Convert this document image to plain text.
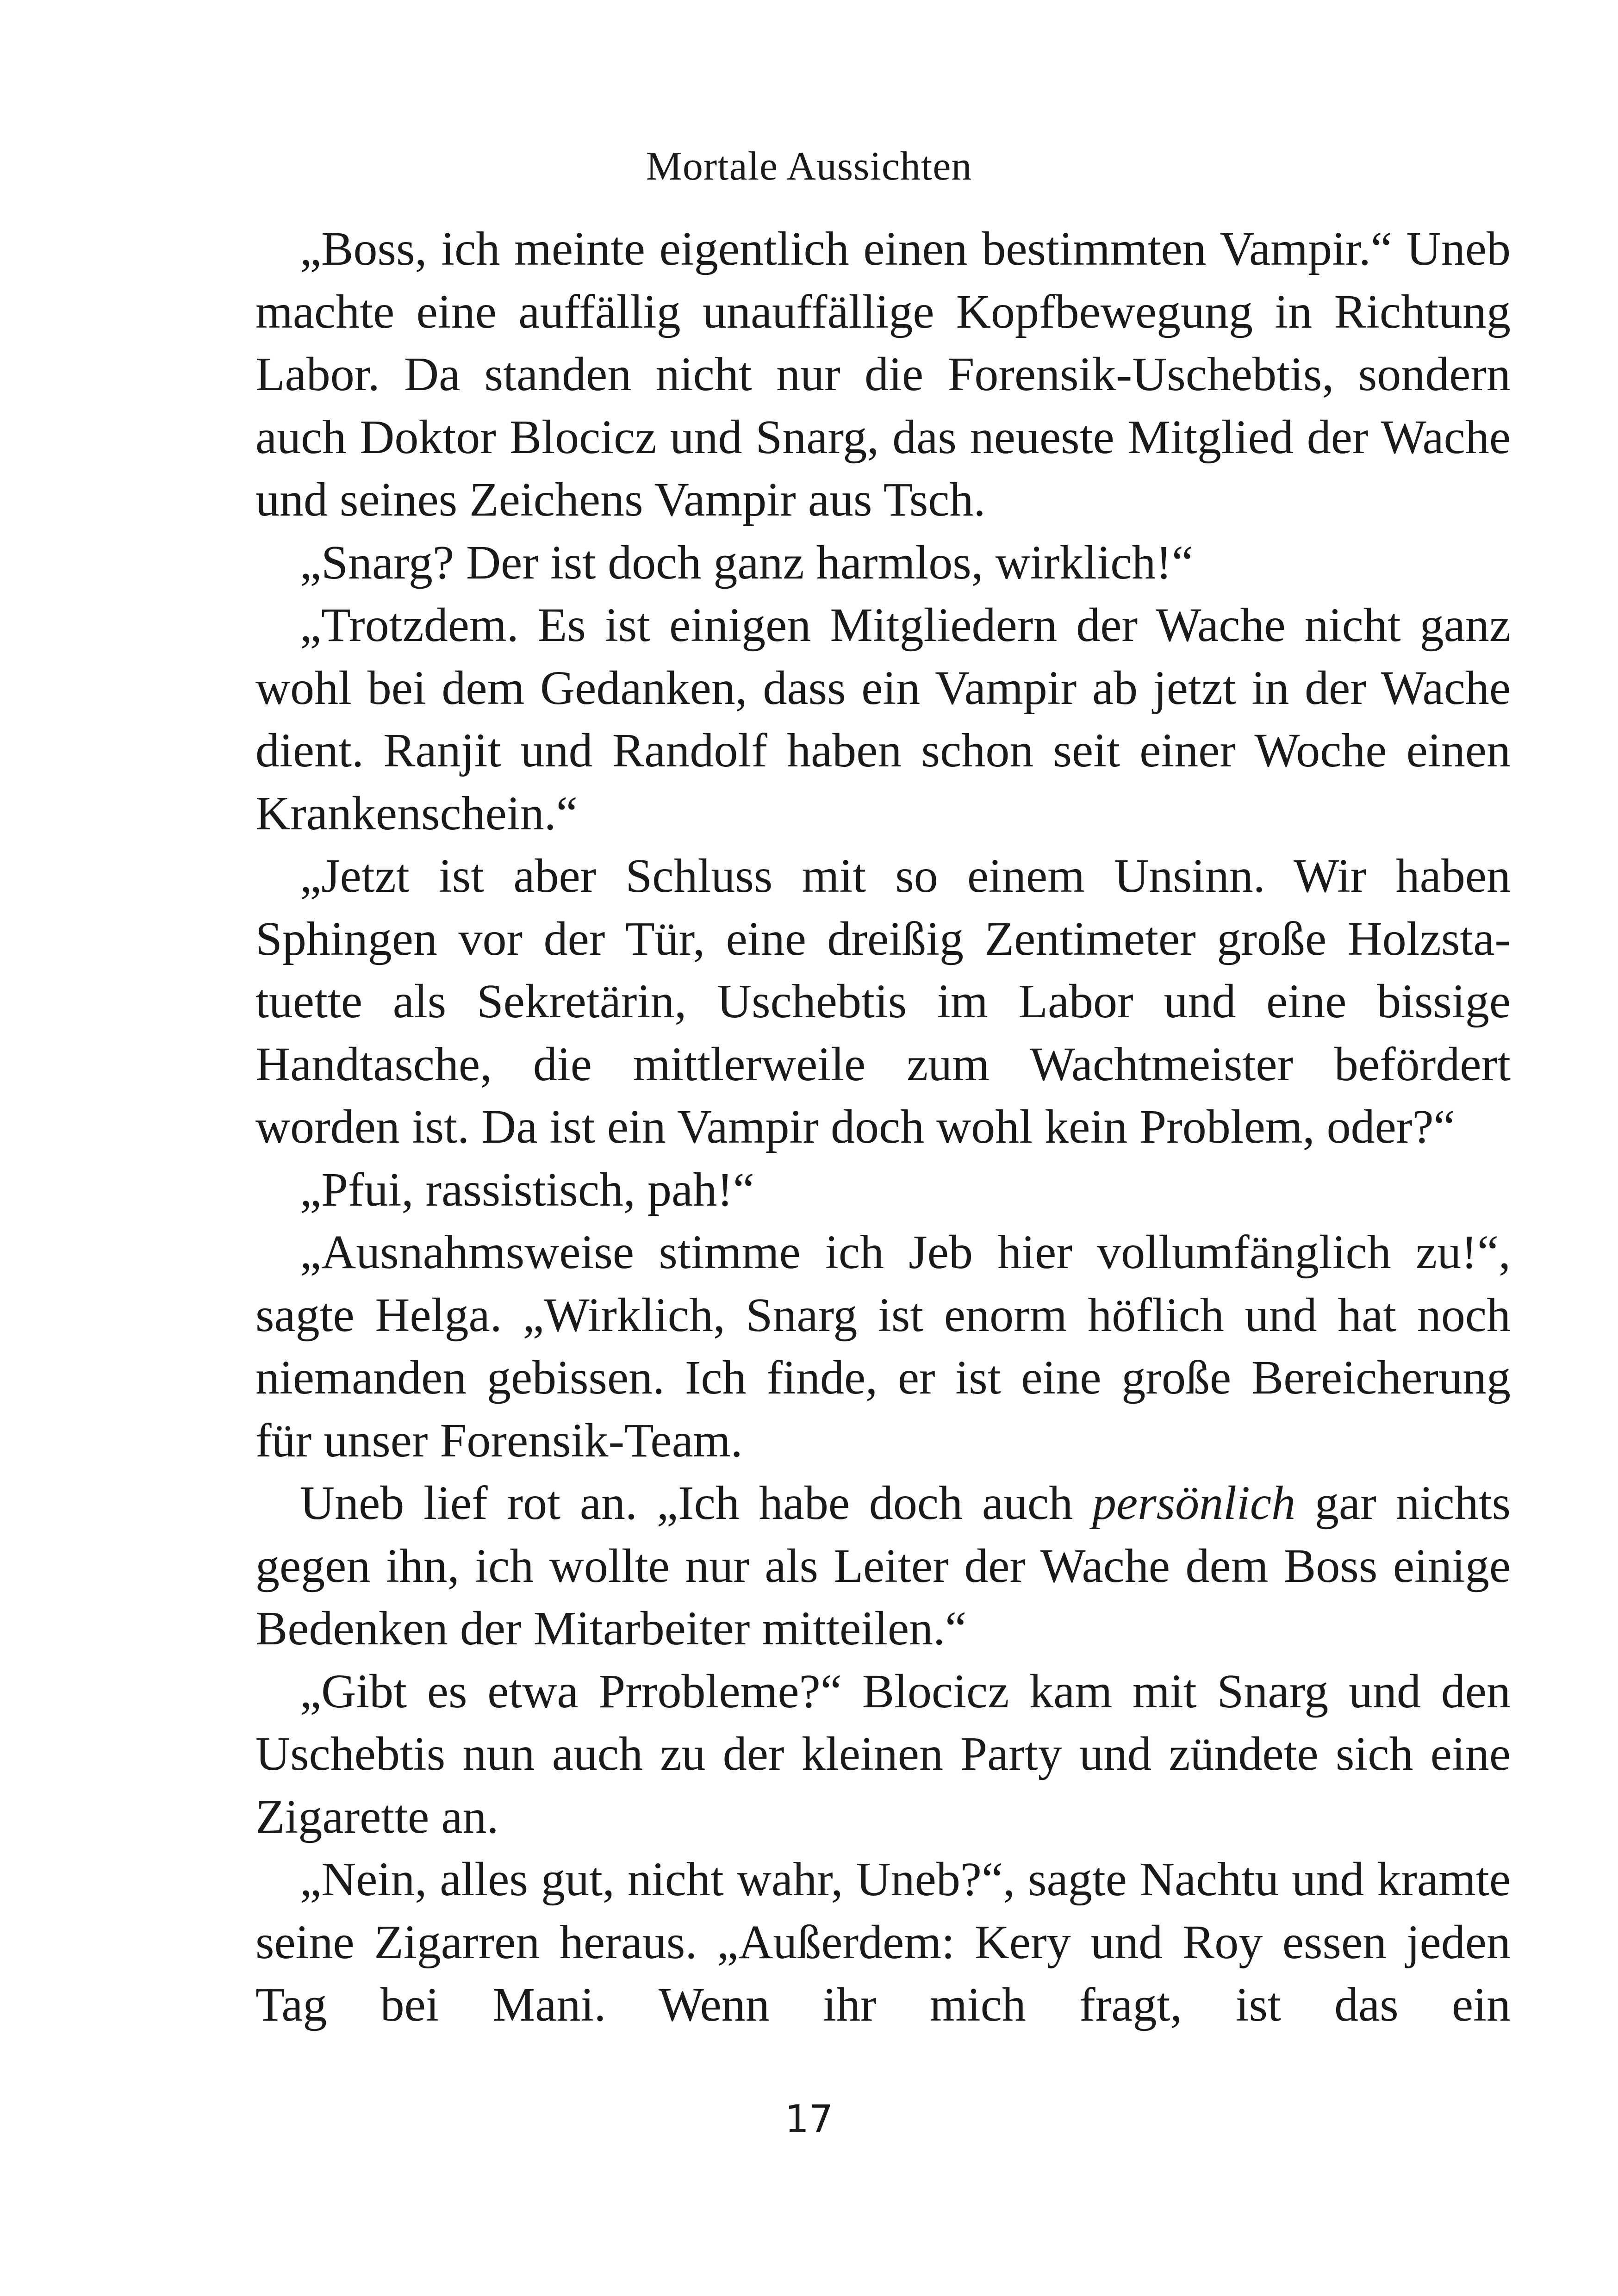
Mortale Aussichten

„Boss, ich meinte eigentlich einen bestimmten Vampir.“ Uneb machte eine auffällig unauffällige Kopfbewegung in Richtung Labor. Da standen nicht nur die Forensik-Uschebtis, sondern auch Doktor Blocicz und Snarg, das neueste Mitglied der Wache und seines Zeichens Vampir aus Tsch.

„Snarg? Der ist doch ganz harmlos, wirklich!“

„Trotzdem. Es ist einigen Mitgliedern der Wache nicht ganz wohl bei dem Gedanken, dass ein Vampir ab jetzt in der Wache dient. Ranjit und Randolf haben schon seit einer Woche einen Krankenschein.“

„Jetzt ist aber Schluss mit so einem Unsinn. Wir haben Sphingen vor der Tür, eine dreißig Zentimeter große Holzstatuette als Sekretärin, Uschebtis im Labor und eine bissige Handtasche, die mittlerweile zum Wachtmeister befördert worden ist. Da ist ein Vampir doch wohl kein Problem, oder?“

„Pfui, rassistisch, pah!“

„Ausnahmsweise stimme ich Jeb hier vollumfänglich zu!“, sagte Helga. „Wirklich, Snarg ist enorm höflich und hat noch niemanden gebissen. Ich finde, er ist eine große Bereicherung für unser Forensik-Team.

Uneb lief rot an. „Ich habe doch auch persönlich gar nichts gegen ihn, ich wollte nur als Leiter der Wache dem Boss einige Bedenken der Mitarbeiter mitteilen.“

„Gibt es etwa Prrobleme?“ Blocicz kam mit Snarg und den Uschebtis nun auch zu der kleinen Party und zündete sich eine Zigarette an.

„Nein, alles gut, nicht wahr, Uneb?“, sagte Nachtu und kramte seine Zigarren heraus. „Außerdem: Kery und Roy essen jeden Tag bei Mani. Wenn ihr mich fragt, ist das ein

17
